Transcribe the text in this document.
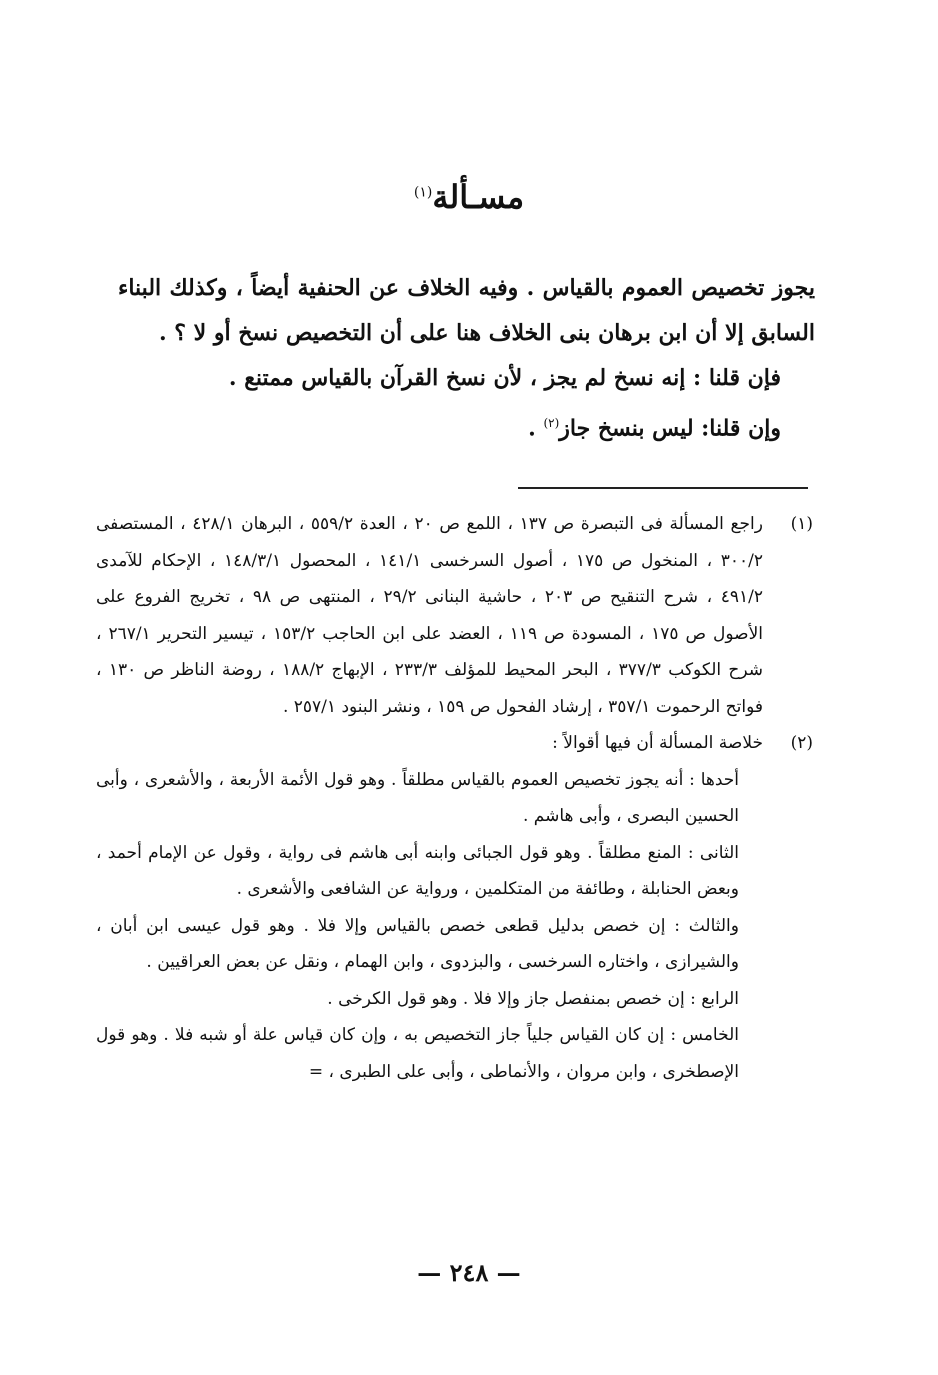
مسـألة$^{(١)}$

يجوز تخصيص العموم بالقياس . وفيه الخلاف عن الحنفية أيضاً ، وكذلك البناء السابق إلا أن ابن برهان بنى الخلاف هنا على أن التخصيص نسخ أو لا ؟ .

فإن قلنا : إنه نسخ لم يجز ، لأن نسخ القرآن بالقياس ممتنع .

وإن قلنا: ليس بنسخ جاز$^{(٢)}$ .

(١)

راجع المسألة فى التبصرة ص ١٣٧ ، اللمع ص ٢٠ ، العدة ٥٥٩/٢ ، البرهان ٤٢٨/١ ، المستصفى ٣٠٠/٢ ، المنخول ص ١٧٥ ، أصول السرخسى ١٤١/١ ، المحصول ١٤٨/٣/١ ، الإحكام للآمدى ٤٩١/٢ ، شرح التنقيح ص ٢٠٣ ، حاشية البنانى ٢٩/٢ ، المنتهى ص ٩٨ ، تخريج الفروع على الأصول ص ١٧٥ ، المسودة ص ١١٩ ، العضد على ابن الحاجب ١٥٣/٢ ، تيسير التحرير ٢٦٧/١ ، شرح الكوكب ٣٧٧/٣ ، البحر المحيط للمؤلف ٢٣٣/٣ ، الإبهاج ١٨٨/٢ ، روضة الناظر ص ١٣٠ ، فواتح الرحموت ٣٥٧/١ ، إرشاد الفحول ص ١٥٩ ، ونشر البنود ٢٥٧/١ .

(٢)

خلاصة المسألة أن فيها أقوالاً :

أحدها : أنه يجوز تخصيص العموم بالقياس مطلقاً . وهو قول الأئمة الأربعة ، والأشعرى ، وأبى الحسين البصرى ، وأبى هاشم .

الثانى : المنع مطلقاً . وهو قول الجبائى وابنه أبى هاشم فى رواية ، وقول عن الإمام أحمد ، وبعض الحنابلة ، وطائفة من المتكلمين ، ورواية عن الشافعى والأشعرى .

والثالث : إن خصص بدليل قطعى خصص بالقياس وإلا فلا . وهو قول عيسى ابن أبان ، والشيرازى ، واختاره السرخسى ، والبزدوى ، وابن الهمام ، ونقل عن بعض العراقيين .

الرابع : إن خصص بمنفصل جاز وإلا فلا . وهو قول الكرخى .

الخامس : إن كان القياس جلياً جاز التخصيص به ، وإن كان قياس علة أو شبه فلا . وهو قول الإصطخرى ، وابن مروان ، والأنماطى ، وأبى على الطبرى ، =

— ٢٤٨ —
